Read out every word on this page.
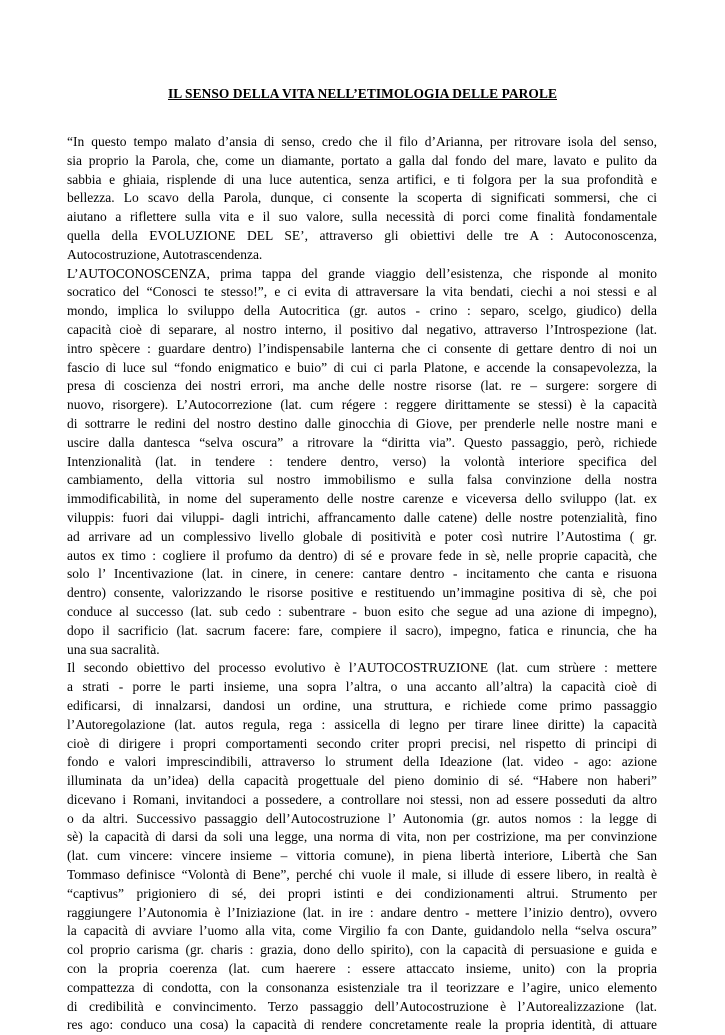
IL SENSO DELLA VITA NELL’ETIMOLOGIA DELLE PAROLE
“In questo tempo malato d’ansia di senso, credo che il filo d’Arianna, per ritrovare isola del senso,
sia proprio la Parola, che, come un diamante, portato a galla dal fondo del mare, lavato e pulito da
sabbia e ghiaia, risplende di una luce autentica, senza artifici, e ti folgora per la sua profondità e
bellezza. Lo scavo della Parola, dunque, ci consente la scoperta di significati sommersi, che ci
aiutano a riflettere sulla vita e il suo valore, sulla necessità di porci come finalità fondamentale
quella della EVOLUZIONE DEL SE’, attraverso gli obiettivi delle tre A : Autoconoscenza,
Autocostruzione, Autotrascendenza.
L’AUTOCONOSCENZA, prima tappa del grande viaggio dell’esistenza, che risponde al monito
socratico del “Conosci te stesso!”, e ci evita di attraversare la vita bendati, ciechi a noi stessi e al
mondo, implica lo sviluppo della Autocritica (gr. autos - crino : separo, scelgo, giudico) della
capacità cioè di separare, al nostro interno, il positivo dal negativo, attraverso l’Introspezione (lat.
intro spècere : guardare dentro) l’indispensabile lanterna che ci consente di gettare dentro di noi un
fascio di luce sul “fondo enigmatico e buio” di cui ci parla Platone, e accende la consapevolezza, la
presa di coscienza dei nostri errori, ma anche delle nostre risorse (lat. re – surgere: sorgere di
nuovo, risorgere). L’Autocorrezione (lat. cum régere : reggere dirittamente se stessi) è la capacità
di sottrarre le redini del nostro destino dalle ginocchia di Giove, per prenderle nelle nostre mani e
uscire dalla dantesca “selva oscura” a ritrovare la “diritta via”. Questo passaggio, però, richiede
Intenzionalità (lat. in tendere : tendere dentro, verso) la volontà interiore specifica del
cambiamento, della vittoria sul nostro immobilismo e sulla falsa convinzione della nostra
immodificabilità, in nome del superamento delle nostre carenze e viceversa dello sviluppo (lat. ex
viluppis: fuori dai viluppi- dagli intrichi, affrancamento dalle catene) delle nostre potenzialità, fino
ad arrivare ad un complessivo livello globale di positività e poter così nutrire l’Autostima ( gr.
autos ex timo : cogliere il profumo da dentro) di sé e provare fede in sè, nelle proprie capacità, che
solo l’ Incentivazione (lat. in cinere, in cenere: cantare dentro - incitamento che canta e risuona
dentro) consente, valorizzando le risorse positive e restituendo un’immagine positiva di sè, che poi
conduce al successo (lat. sub cedo : subentrare - buon esito che segue ad una azione di impegno),
dopo il sacrificio (lat. sacrum facere: fare, compiere il sacro), impegno, fatica e rinuncia, che ha
una sua sacralità.
Il secondo obiettivo del processo evolutivo è l’AUTOCOSTRUZIONE (lat. cum strùere : mettere
a strati - porre le parti insieme, una sopra l’altra, o una accanto all’altra) la capacità cioè di
edificarsi, di innalzarsi, dandosi un ordine, una struttura, e richiede come primo passaggio
l’Autoregolazione (lat. autos regula, rega : assicella di legno per tirare linee diritte) la capacità
cioè di dirigere i propri comportamenti secondo criter propri precisi, nel rispetto di principi di
fondo e valori imprescindibili, attraverso lo strument della Ideazione (lat. video - ago: azione
illuminata da un’idea) della capacità progettuale del pieno dominio di sé. “Habere non haberi”
dicevano i Romani, invitandoci a possedere, a controllare noi stessi, non ad essere posseduti da altro
o da altri. Successivo passaggio dell’Autocostruzione l’ Autonomia (gr. autos nomos : la legge di
sè) la capacità di darsi da soli una legge, una norma di vita, non per costrizione, ma per convinzione
(lat. cum vincere: vincere insieme – vittoria comune), in piena libertà interiore, Libertà che San
Tommaso definisce “Volontà di Bene”, perché chi vuole il male, si illude di essere libero, in realtà è
“captivus” prigioniero di sé, dei propri istinti e dei condizionamenti altrui. Strumento per
raggiungere l’Autonomia è l’Iniziazione (lat. in ire : andare dentro - mettere l’inizio dentro), ovvero
la capacità di avviare l’uomo alla vita, come Virgilio fa con Dante, guidandolo nella “selva oscura”
col proprio carisma (gr. charis : grazia, dono dello spirito), con la capacità di persuasione e guida e
con la propria coerenza (lat. cum haerere : essere attaccato insieme, unito) con la propria
compattezza di condotta, con la consonanza esistenziale tra il teorizzare e l’agire, unico elemento
di credibilità e convincimento. Terzo passaggio dell’Autocostruzione è l’Autorealizzazione (lat.
res ago: conduco una cosa) la capacità di rendere concretamente reale la propria identità, di attuare
